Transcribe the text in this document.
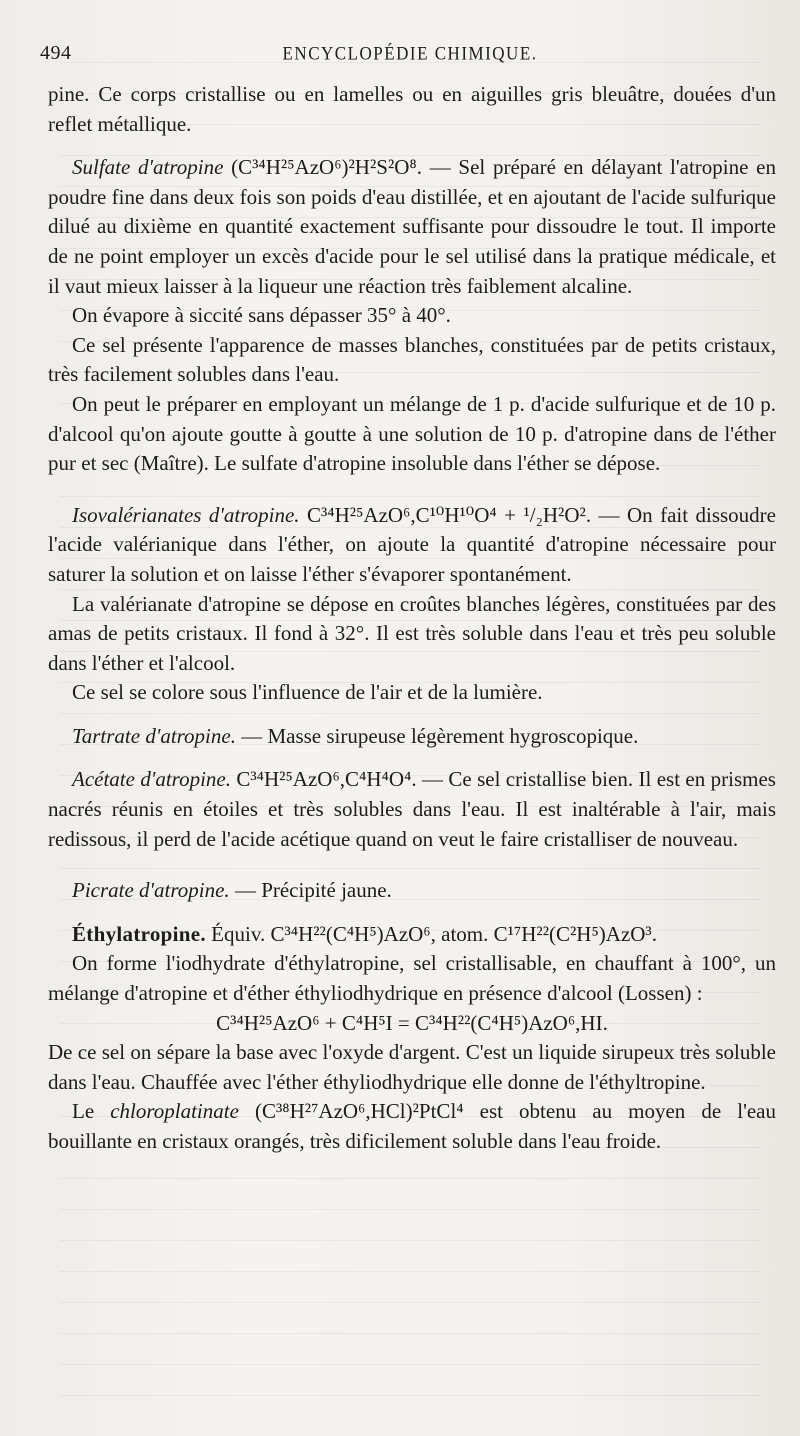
494	ENCYCLOPÉDIE CHIMIQUE.

pine. Ce corps cristallise ou en lamelles ou en aiguilles gris bleuâtre, douées d'un reflet métallique.

Sulfate d'atropine (C³⁴H²⁵AzO⁶)²H²S²O⁸. — Sel préparé en délayant l'atropine en poudre fine dans deux fois son poids d'eau distillée, et en ajoutant de l'acide sulfurique dilué au dixième en quantité exactement suffisante pour dissoudre le tout. Il importe de ne point employer un excès d'acide pour le sel utilisé dans la pratique médicale, et il vaut mieux laisser à la liqueur une réaction très faiblement alcaline.

On évapore à siccité sans dépasser 35° à 40°.

Ce sel présente l'apparence de masses blanches, constituées par de petits cristaux, très facilement solubles dans l'eau.

On peut le préparer en employant un mélange de 1 p. d'acide sulfurique et de 10 p. d'alcool qu'on ajoute goutte à goutte à une solution de 10 p. d'atropine dans de l'éther pur et sec (Maître). Le sulfate d'atropine insoluble dans l'éther se dépose.

Isovalérianates d'atropine. C³⁴H²⁵AzO⁶,C¹⁰H¹⁰O⁴ + ¹/₂H²O². — On fait dissoudre l'acide valérianique dans l'éther, on ajoute la quantité d'atropine nécessaire pour saturer la solution et on laisse l'éther s'évaporer spontanément.

La valérianate d'atropine se dépose en croûtes blanches légères, constituées par des amas de petits cristaux. Il fond à 32°. Il est très soluble dans l'eau et très peu soluble dans l'éther et l'alcool.

Ce sel se colore sous l'influence de l'air et de la lumière.

Tartrate d'atropine. — Masse sirupeuse légèrement hygroscopique.

Acétate d'atropine. C³⁴H²⁵AzO⁶,C⁴H⁴O⁴. — Ce sel cristallise bien. Il est en prismes nacrés réunis en étoiles et très solubles dans l'eau. Il est inaltérable à l'air, mais redissous, il perd de l'acide acétique quand on veut le faire cristalliser de nouveau.

Picrate d'atropine. — Précipité jaune.

Éthylatropine. Équiv. C³⁴H²²(C⁴H⁵)AzO⁶, atom. C¹⁷H²²(C²H⁵)AzO³.

On forme l'iodhydrate d'éthylatropine, sel cristallisable, en chauffant à 100°, un mélange d'atropine et d'éther éthyliodhydrique en présence d'alcool (Lossen) :

C³⁴H²⁵AzO⁶ + C⁴H⁵I = C³⁴H²²(C⁴H⁵)AzO⁶,HI.

De ce sel on sépare la base avec l'oxyde d'argent. C'est un liquide sirupeux très soluble dans l'eau. Chauffée avec l'éther éthyliodhydrique elle donne de l'éthyltropine.

Le chloroplatinate (C³⁸H²⁷AzO⁶,HCl)²PtCl⁴ est obtenu au moyen de l'eau bouillante en cristaux orangés, très dificilement soluble dans l'eau froide.
